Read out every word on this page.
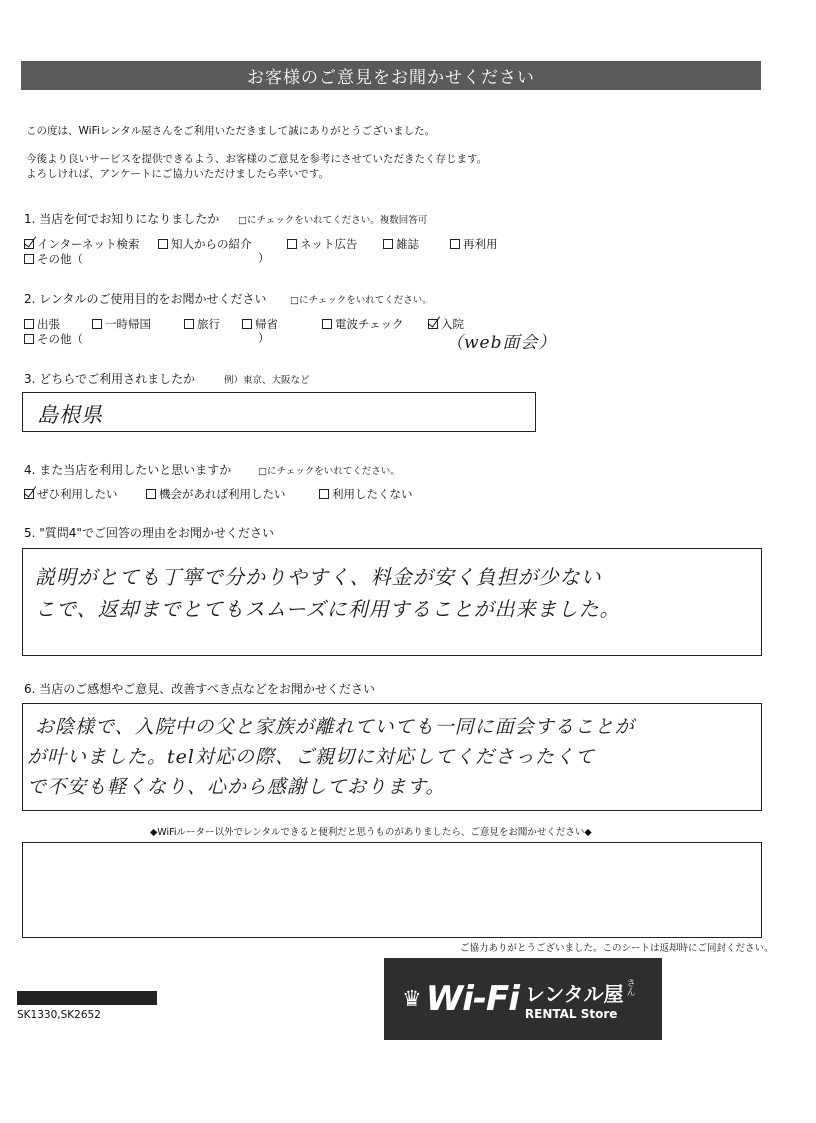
お客様のご意見をお聞かせください
この度は、WiFiレンタル屋さんをご利用いただきまして誠にありがとうございました。
今後より良いサービスを提供できるよう、お客様のご意見を参考にさせていただきたく存じます。
よろしければ、アンケートにご協力いただけましたら幸いです。
1. 当店を何でお知りになりましたか □にチェックをいれてください。複数回答可
インターネット検索	知人からの紹介	ネット広告	雑誌	再利用
その他（	）
2. レンタルのご使用目的をお聞かせください □にチェックをいれてください。
出張	一時帰国	旅行	帰省	電波チェック	入院
その他（	）	（web面会）
3. どちらでご利用されましたか	例）東京、大阪など
島根県
4. また当店を利用したいと思いますか	□にチェックをいれてください。
ぜひ利用したい	機会があれば利用したい	利用したくない
5. "質問4"でご回答の理由をお聞かせください
説明がとても丁寧で分かりやすく、料金が安く負担が少ない
こで、返却までとてもスムーズに利用することが出来ました。
6. 当店のご感想やご意見、改善すべき点などをお聞かせください
お陰様で、入院中の父と家族が離れていても一同に面会することが
が叶いました。tel対応の際、ご親切に対応してくださったくて
で不安も軽くなり、心から感謝しております。
◆WiFiルーター以外でレンタルできると便利だと思うものがありましたら、ご意見をお聞かせください◆
ご協力ありがとうございました。このシートは返却時にご同封ください。
♛ Wi-Fi レンタル屋 さん
RENTAL Store
SK1330,SK2652
